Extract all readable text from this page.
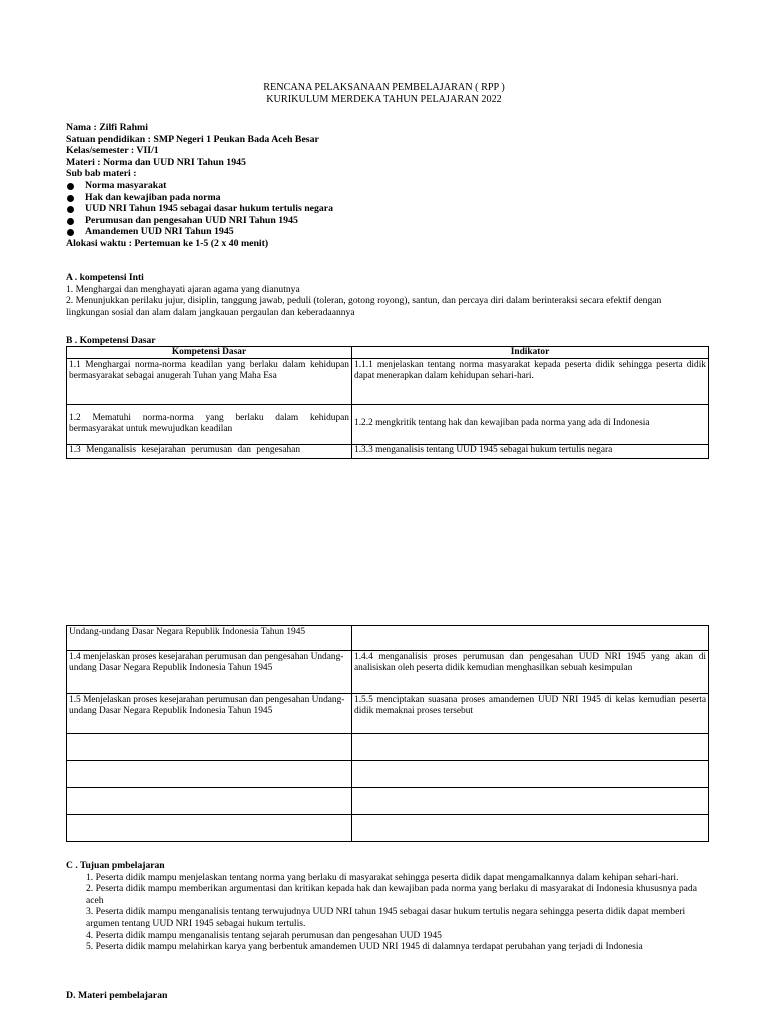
RENCANA PELAKSANAAN PEMBELAJARAN ( RPP )
KURIKULUM MERDEKA TAHUN PELAJARAN 2022
Nama : Zilfi Rahmi
Satuan pendidikan : SMP Negeri 1 Peukan Bada Aceh Besar
Kelas/semester : VII/1
Materi : Norma dan UUD NRI Tahun 1945
Sub bab materi :
Norma masyarakat
Hak dan kewajiban pada norma
UUD NRI Tahun 1945 sebagai dasar hukum tertulis negara
Perumusan dan pengesahan UUD NRI Tahun 1945
Amandemen UUD NRI Tahun 1945
Alokasi waktu : Pertemuan ke 1-5 (2 x 40 menit)
A . kompetensi Inti
1. Menghargai dan menghayati ajaran agama yang dianutnya
2. Menunjukkan perilaku jujur, disiplin, tanggung jawab, peduli (toleran, gotong royong), santun, dan percaya diri dalam berinteraksi secara efektif dengan lingkungan sosial dan alam dalam jangkauan pergaulan dan keberadaannya
B . Kompetensi Dasar
Kompetensi Dasar	Indikator
1.1 Menghargai norma-norma keadilan yang berlaku dalam kehidupan bermasyarakat sebagai anugerah Tuhan yang Maha Esa	1.1.1 menjelaskan tentang norma masyarakat kepada peserta didik sehingga peserta didik dapat menerapkan dalam kehidupan sehari-hari.
1.2 Mematuhi norma-norma yang berlaku dalam kehidupan bermasyarakat untuk mewujudkan keadilan	1.2.2 mengkritik tentang hak dan kewajiban pada norma yang ada di Indonesia

1.3 Menganalisis kesejarahan perumusan dan pengesahan	1.3.3 menganalisis tentang UUD 1945 sebagai hukum tertulis negara
Undang-undang Dasar Negara Republik Indonesia Tahun 1945	
1.4 menjelaskan proses kesejarahan perumusan dan pengesahan Undang-undang Dasar Negara Republik Indonesia Tahun 1945	1.4.4 menganalisis proses perumusan dan pengesahan UUD NRI 1945 yang akan di analisiskan oleh peserta didik kemudian menghasilkan sebuah kesimpulan
1.5 Menjelaskan proses kesejarahan perumusan dan pengesahan Undang-undang Dasar Negara Republik Indonesia Tahun 1945	1.5.5 menciptakan suasana proses amandemen UUD NRI 1945 di kelas kemudian peserta didik memaknai proses tersebut

C . Tujuan pmbelajaran
1. Peserta didik mampu menjelaskan tentang norma yang berlaku di masyarakat sehingga peserta didik dapat mengamalkannya dalam kehipan sehari-hari.
2. Peserta didik mampu memberikan argumentasi dan kritikan kepada hak dan kewajiban pada norma yang berlaku di masyarakat di Indonesia khususnya pada aceh
3. Peserta didik mampu menganalisis tentang terwujudnya UUD NRI tahun 1945 sebagai dasar hukum tertulis negara sehingga peserta didik dapat memberi argumen tentang UUD NRI 1945 sebagai hukum tertulis.
4. Peserta didik mampu menganalisis tentang sejarah perumusan dan pengesahan UUD 1945
5. Peserta didik mampu melahirkan karya yang berbentuk amandemen UUD NRI 1945 di dalamnya terdapat perubahan yang terjadi di Indonesia
D. Materi pembelajaran
